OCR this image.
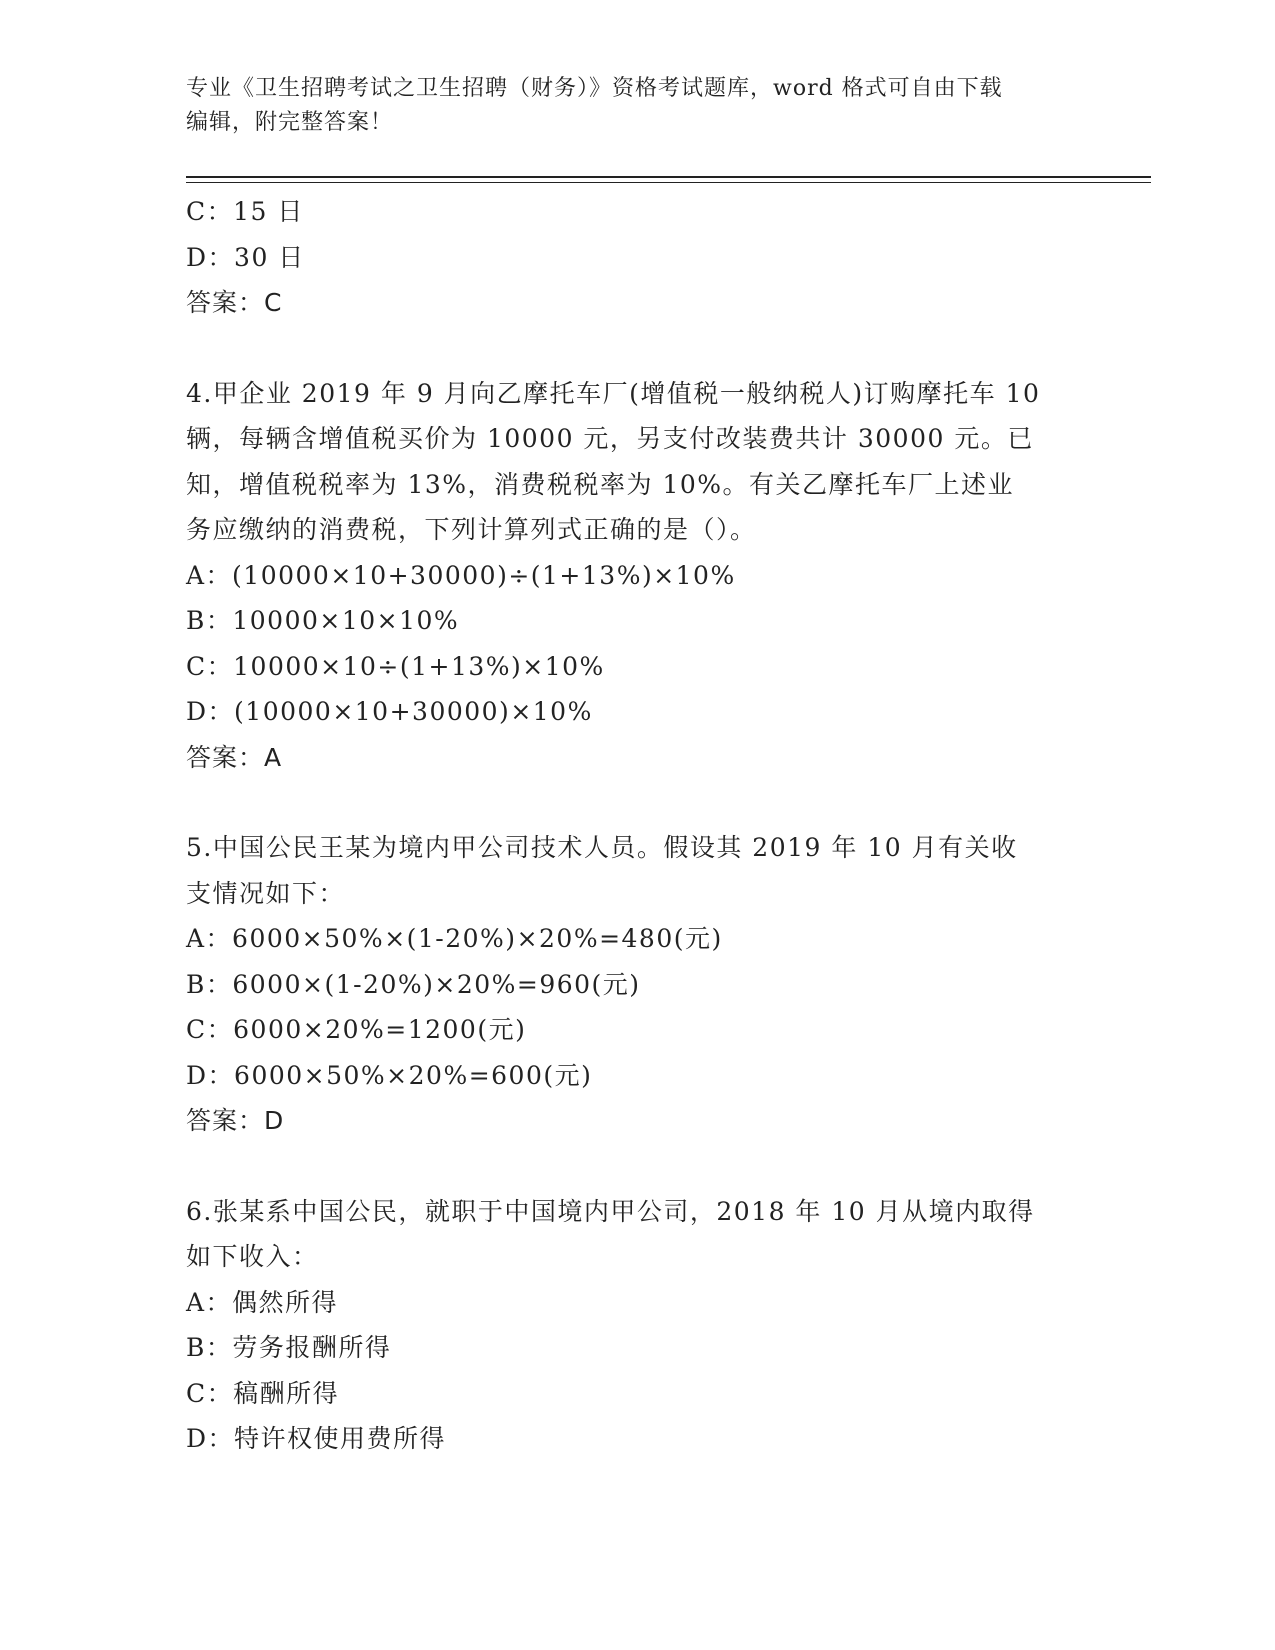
专业《卫生招聘考试之卫生招聘（财务）》资格考试题库，word 格式可自由下载
编辑，附完整答案！
C：15 日
D：30 日
答案：C
4.甲企业 2019 年 9 月向乙摩托车厂(增值税一般纳税人)订购摩托车 10
辆，每辆含增值税买价为 10000 元，另支付改装费共计 30000 元。已
知，增值税税率为 13%，消费税税率为 10%。有关乙摩托车厂上述业
务应缴纳的消费税，下列计算列式正确的是（）。
A：(10000×10+30000)÷(1+13%)×10%
B：10000×10×10%
C：10000×10÷(1+13%)×10%
D：(10000×10+30000)×10%
答案：A
5.中国公民王某为境内甲公司技术人员。假设其 2019 年 10 月有关收
支情况如下：
A：6000×50%×(1-20%)×20%=480(元)
B：6000×(1-20%)×20%=960(元)
C：6000×20%=1200(元)
D：6000×50%×20%=600(元)
答案：D
6.张某系中国公民，就职于中国境内甲公司，2018 年 10 月从境内取得
如下收入：
A：偶然所得
B：劳务报酬所得
C：稿酬所得
D：特许权使用费所得
